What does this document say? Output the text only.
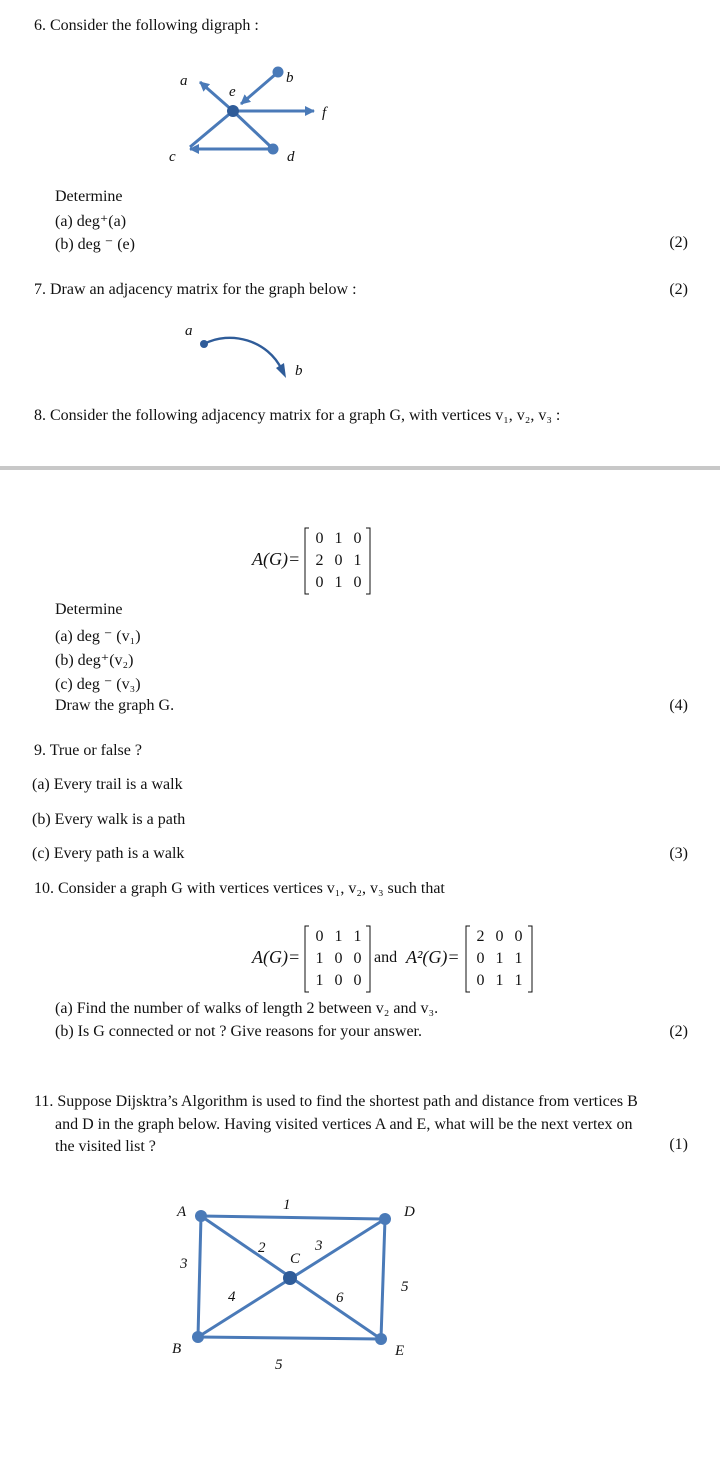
6. Consider the following digraph :
a
e
b
f
c	d
Determine
(a) deg⁺(a)
(b) deg ⁻ (e)	(2)
7. Draw an adjacency matrix for the graph below :	(2)
a
b
8. Consider the following adjacency matrix for a graph G, with vertices v₁, v₂, v₃ :
A(G)=
0 1 0
2 0 1
0 1 0
Determine
(a) deg ⁻ (v₁)
(b) deg⁺(v₂)
(c) deg ⁻ (v₃)
Draw the graph G.	(4)
9. True or false ?
(a) Every trail is a walk
(b) Every walk is a path
(c) Every path is a walk	(3)
10. Consider a graph G with vertices vertices v₁, v₂, v₃ such that
A(G)=
0 1 1
1 0 0
1 0 0
and A²(G)=
2 0 0
0 1 1
0 1 1
(a) Find the number of walks of length 2 between v₂ and v₃.
(b) Is G connected or not ? Give reasons for your answer.	(2)
11. Suppose Dijsktra’s Algorithm is used to find the shortest path and distance from vertices B
and D in the graph below. Having visited vertices A and E, what will be the next vertex on
the visited list ?	(1)
A	D
C
B	E
1
2	3
3
4	6
5
5
